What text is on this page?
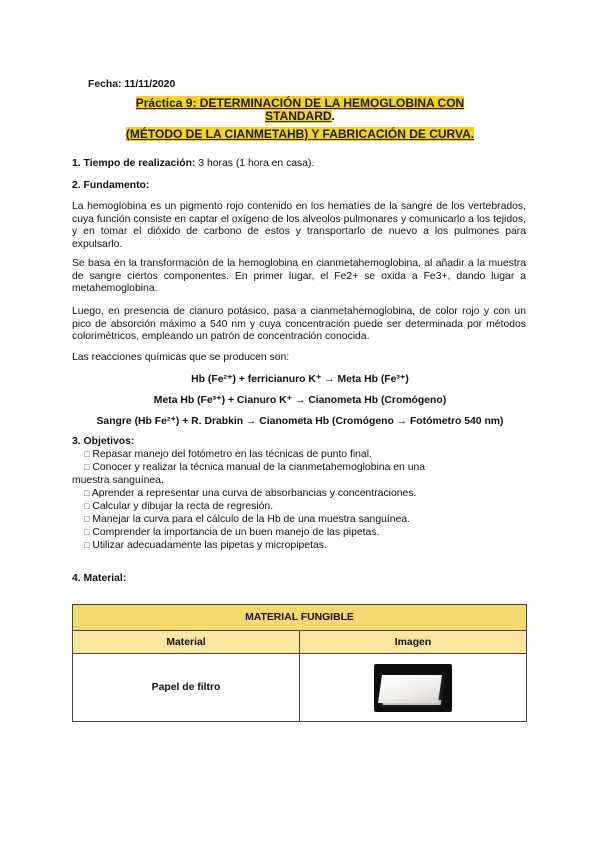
Fecha: 11/11/2020
Práctica 9: DETERMINACIÓN DE LA HEMOGLOBINA CON STANDARD.
(MÉTODO DE LA CIANMETAHB) Y FABRICACIÓN DE CURVA.
1. Tiempo de realización: 3 horas (1 hora en casa).
2. Fundamento:
La hemoglobina es un pigmento rojo contenido en los hematíes de la sangre de los vertebrados, cuya función consiste en captar el oxígeno de los alveolos pulmonares y comunicarlo a los tejidos, y en tomar el dióxido de carbono de estos y transportarlo de nuevo a los pulmones para expulsarlo.
Se basa en la transformación de la hemoglobina en cianmetahemoglobina, al añadir a la muestra de sangre ciertos componentes. En primer lugar, el Fe2+ se oxida a Fe3+, dando lugar a metahemoglobina.
Luego, en presencia de cianuro potásico, pasa a cianmetahemoglobina, de color rojo y con un pico de absorción máximo a 540 nm y cuya concentración puede ser determinada por métodos colorimétricos, empleando un patrón de concentración conocida.
Las reacciones químicas que se producen son:
Hb (Fe²⁺) + ferricianuro K⁺ → Meta Hb (Fe³⁺)
Meta Hb (Fe³⁺) + Cianuro K⁺ → Cianometa Hb (Cromógeno)
Sangre (Hb Fe²⁺) + R. Drabkin → Cianometa Hb (Cromógeno → Fotómetro 540 nm)
3. Objetivos:
□ Repasar manejo del fotómetro en las técnicas de punto final.
□ Conocer y realizar la técnica manual de la cianmetahemoglobina en una
muestra sanguínea.
□ Aprender a representar una curva de absorbancias y concentraciones.
□ Calcular y dibujar la recta de regresión.
□ Manejar la curva para el cálculo de la Hb de una muestra sanguínea.
□ Comprender la importancia de un buen manejo de las pipetas.
□ Utilizar adecuadamente las pipetas y micropipetas.
4. Material:
MATERIAL FUNGIBLE	
Material	Imagen
Papel de filtro	
